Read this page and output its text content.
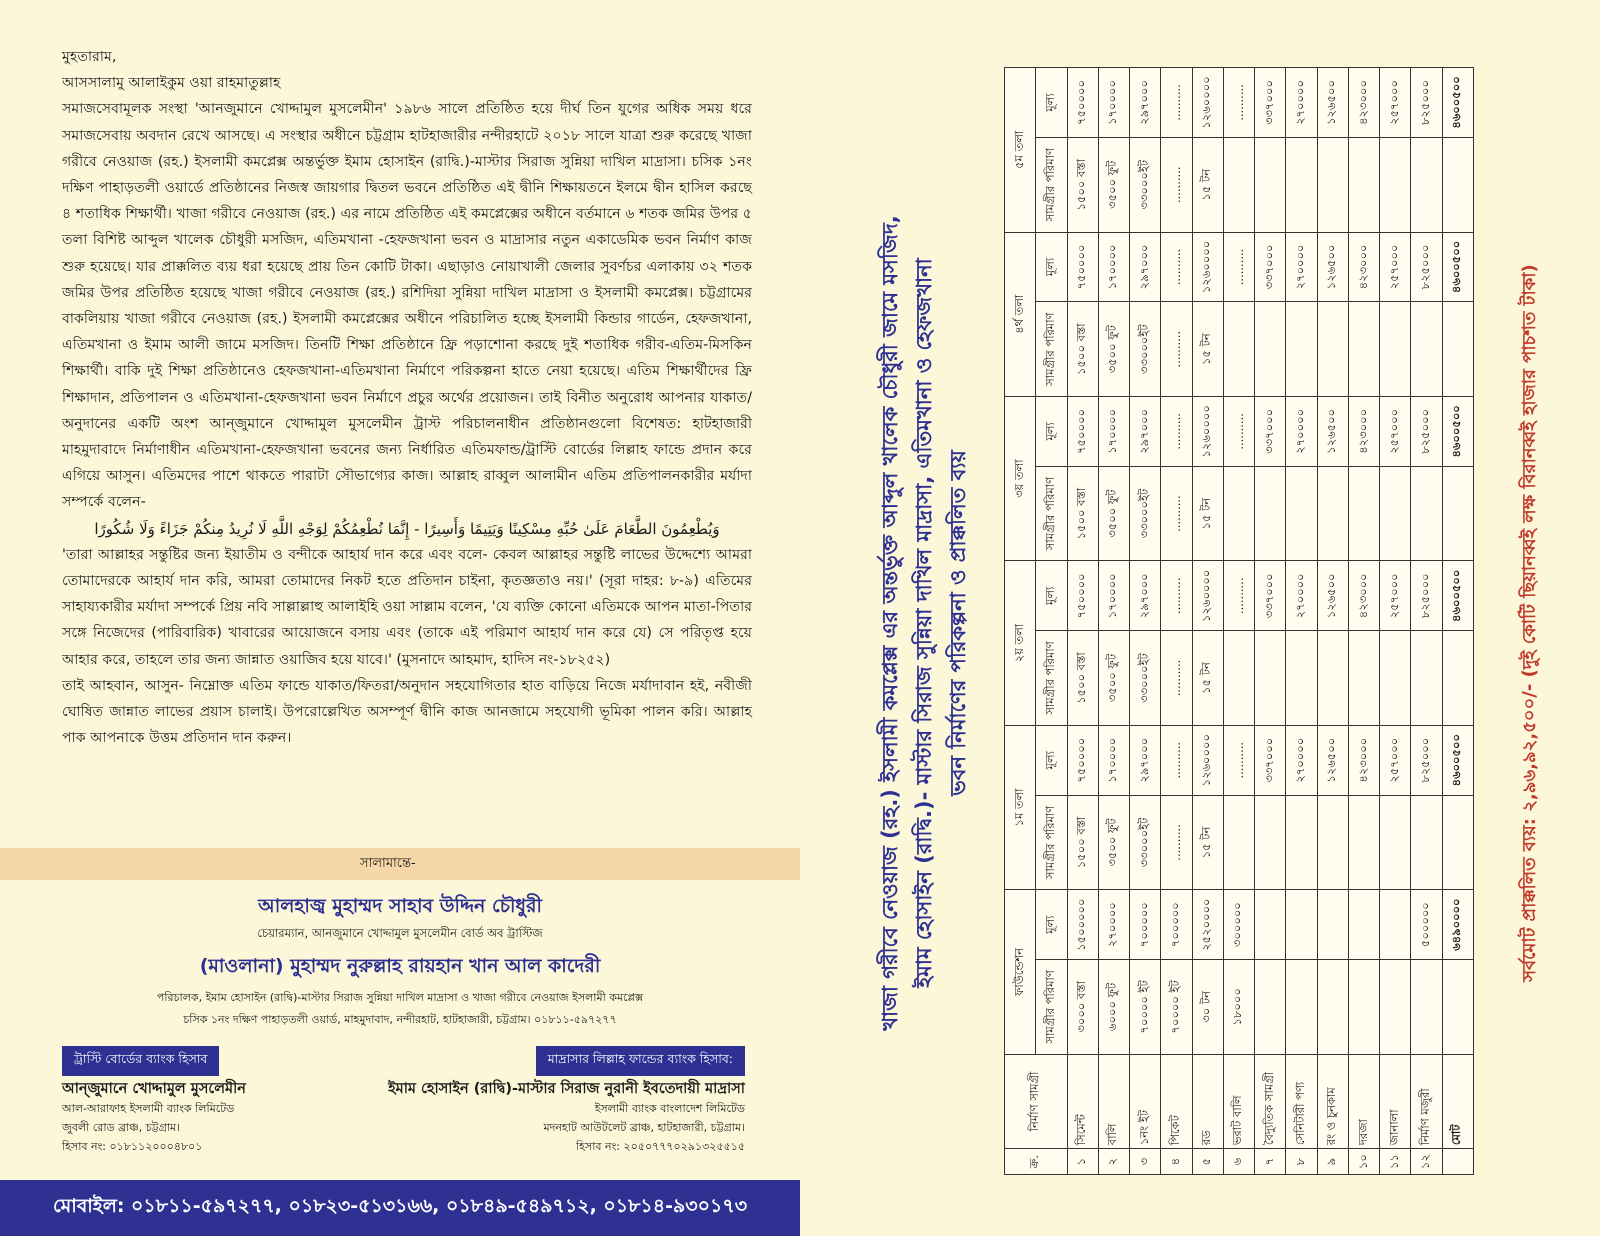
মুহতারাম,

আসসালামু আলাইকুম ওয়া রাহমাতুল্লাহ

সমাজসেবামূলক সংস্থা 'আনজুমানে খোদ্দামুল মুসলেমীন' ১৯৮৬ সালে প্রতিষ্ঠিত হয়ে দীর্ঘ তিন যুগের অধিক সময় ধরে সমাজসেবায় অবদান রেখে আসছে। এ সংস্থার অধীনে চট্টগ্রাম হাটহাজারীর নন্দীরহাটে ২০১৮ সালে যাত্রা শুরু করেছে খাজা গরীবে নেওয়াজ (রহ.) ইসলামী কমপ্লেক্স অন্তর্ভুক্ত ইমাম হোসাইন (রাদ্বি.)-মাস্টার সিরাজ সুন্নিয়া দাখিল মাদ্রাসা। চসিক ১নং দক্ষিণ পাহাড়তলী ওয়ার্ডে প্রতিষ্ঠানের নিজস্ব জায়গার দ্বিতল ভবনে প্রতিষ্ঠিত এই দ্বীনি শিক্ষায়তনে ইলমে দ্বীন হাসিল করছে ৪ শতাধিক শিক্ষার্থী। খাজা গরীবে নেওয়াজ (রহ.) এর নামে প্রতিষ্ঠিত এই কমপ্লেক্সের অধীনে বর্তমানে ৬ শতক জমির উপর ৫ তলা বিশিষ্ট আব্দুল খালেক চৌধুরী মসজিদ, এতিমখানা -হেফজখানা ভবন ও মাদ্রাসার নতুন একাডেমিক ভবন নির্মাণ কাজ শুরু হয়েছে। যার প্রাক্কলিত ব্যয় ধরা হয়েছে প্রায় তিন কোটি টাকা। এছাড়াও নোয়াখালী জেলার সুবর্ণচর এলাকায় ৩২ শতক জমির উপর প্রতিষ্ঠিত হয়েছে খাজা গরীবে নেওয়াজ (রহ.) রশিদিয়া সুন্নিয়া দাখিল মাদ্রাসা ও ইসলামী কমপ্লেক্স। চট্টগ্রামের বাকলিয়ায় খাজা গরীবে নেওয়াজ (রহ.) ইসলামী কমপ্লেক্সের অধীনে পরিচালিত হচ্ছে ইসলামী কিন্ডার গার্ডেন, হেফজখানা, এতিমখানা ও ইমাম আলী জামে মসজিদ। তিনটি শিক্ষা প্রতিষ্ঠানে ফ্রি পড়াশোনা করছে দুই শতাধিক গরীব-এতিম-মিসকিন শিক্ষার্থী। বাকি দুই শিক্ষা প্রতিষ্ঠানেও হেফজখানা-এতিমখানা নির্মাণে পরিকল্পনা হাতে নেয়া হয়েছে। এতিম শিক্ষার্থীদের ফ্রি শিক্ষাদান, প্রতিপালন ও এতিমখানা-হেফজখানা ভবন নির্মাণে প্রচুর অর্থের প্রয়োজন। তাই বিনীত অনুরোধ আপনার যাকাত/অনুদানের একটি অংশ আন্জুমানে খোদ্দামুল মুসলেমীন ট্রাস্ট পরিচালনাধীন প্রতিষ্ঠানগুলো বিশেষত: হাটহাজারী মাহমুদাবাদে নির্মাণাধীন এতিমখানা-হেফজখানা ভবনের জন্য নির্ধারিত এতিমফান্ড/ট্রাস্টি বোর্ডের লিল্লাহ ফান্ডে প্রদান করে এগিয়ে আসুন। এতিমদের পাশে থাকতে পারাটা সৌভাগ্যের কাজ। আল্লাহ রাব্বুল আলামীন এতিম প্রতিপালনকারীর মর্যাদা সম্পর্কে বলেন-

وَيُطْعِمُونَ الطَّعَامَ عَلَىٰ حُبِّهِ مِسْكِينًا وَيَتِيمًا وَأَسِيرًا - إِنَّمَا نُطْعِمُكُمْ لِوَجْهِ اللَّهِ لَا نُرِيدُ مِنكُمْ جَزَاءً وَلَا شُكُورًا

'তারা আল্লাহর সন্তুষ্টির জন্য ইয়াতীম ও বন্দীকে আহার্য দান করে এবং বলে- কেবল আল্লাহর সন্তুষ্টি লাভের উদ্দেশ্যে আমরা তোমাদেরকে আহার্য দান করি, আমরা তোমাদের নিকট হতে প্রতিদান চাইনা, কৃতজ্ঞতাও নয়।' (সূরা দাহর: ৮-৯) এতিমের সাহায্যকারীর মর্যাদা সম্পর্কে প্রিয় নবি সাল্লাল্লাহু আলাইহি ওয়া সাল্লাম বলেন, 'যে ব্যক্তি কোনো এতিমকে আপন মাতা-পিতার সঙ্গে নিজেদের (পারিবারিক) খাবারের আয়োজনে বসায় এবং (তাকে এই পরিমাণ আহার্য দান করে যে) সে পরিতৃপ্ত হয়ে আহার করে, তাহলে তার জন্য জান্নাত ওয়াজিব হয়ে যাবে।' (মুসনাদে আহমাদ, হাদিস নং-১৮২৫২)

তাই আহবান, আসুন- নিম্নোক্ত এতিম ফান্ডে যাকাত/ফিতরা/অনুদান সহযোগিতার হাত বাড়িয়ে নিজে মর্যাদাবান হই, নবীজী ঘোষিত জান্নাত লাভের প্রয়াস চালাই। উপরোল্লেখিত অসম্পূর্ণ দ্বীনি কাজ আনজামে সহযোগী ভূমিকা পালন করি। আল্লাহ পাক আপনাকে উত্তম প্রতিদান দান করুন।

সালামান্তে-
আলহাজ্ব মুহাম্মদ সাহাব উদ্দিন চৌধুরী
চেয়ারম্যান, আনজুমানে খোদ্দামুল মুসলেমীন বোর্ড অব ট্রাস্টিজ
(মাওলানা) মুহাম্মদ নুরুল্লাহ রায়হান খান আল কাদেরী
পরিচালক, ইমাম হোসাইন (রাদ্বি)-মাস্টার সিরাজ সুন্নিয়া দাখিল মাদ্রাসা ও খাজা গরীবে নেওয়াজ ইসলামী কমপ্লেক্স
চসিক ১নং দক্ষিণ পাহাড়তলী ওয়ার্ড, মাহমুদাবাদ, নন্দীরহাট, হাটহাজারী, চট্টগ্রাম। ০১৮১১-৫৯৭২৭৭
ট্রাস্টি বোর্ডের ব্যাংক হিসাব	মাদ্রাসার লিল্লাহ ফান্ডের ব্যাংক হিসাব:
আন্জুমানে খোদ্দামুল মুসলেমীন
আল-আরাফাহ ইসলামী ব্যাংক লিমিটেড
জুবলী রোড ব্রাঞ্চ, চট্টগ্রাম।
হিসাব নং: ০১৮১১২০০০৪৮০১
ইমাম হোসাইন (রাদ্বি)-মাস্টার সিরাজ নুরানী ইবতেদায়ী মাদ্রাসা
ইসলামী ব্যাংক বাংলাদেশ লিমিটেড
মদনহাট আউটলেট ব্রাঞ্চ, হাটহাজারী, চট্টগ্রাম।
হিসাব নং: ২০৫০৭৭৭০২৯১৩২৫৫১৫
মোবাইল: ০১৮১১-৫৯৭২৭৭, ০১৮২৩-৫১৩১৬৬, ০১৮৪৯-৫৪৯৭১২, ০১৮১৪-৯৩০১৭৩
খাজা গরীবে নেওয়াজ (রহ.) ইসলামী কমপ্লেক্স এর অন্তর্ভুক্ত আব্দুল খালেক চৌধুরী জামে মসজিদ, ইমাম হোসাইন (রাদ্বি.)- মাস্টার সিরাজ সুন্নিয়া দাখিল মাদ্রাসা, এতিমখানা ও হেফজখানা ভবন নির্মাণের পরিকল্পনা ও প্রাক্কলিত ব্যয়
ক্র.	নির্মাণ সামগ্রী	ফাউন্ডেশন		১ম তলা		২য় তলা		৩য় তলা		৪র্থ তলা		৫ম তলা	
		সামগ্রীর পরিমাণ	মূল্য	সামগ্রীর পরিমাণ	মূল্য	সামগ্রীর পরিমাণ	মূল্য	সামগ্রীর পরিমাণ	মূল্য	সামগ্রীর পরিমাণ	মূল্য	সামগ্রীর পরিমাণ	মূল্য
১	সিমেন্ট	৩০০০ বস্তা	১৫০০০০০	১৫০০ বস্তা	৭৫০০০০	১৫০০ বস্তা	৭৫০০০০	১৫০০ বস্তা	৭৫০০০০	১৫০০ বস্তা	৭৫০০০০	১৫০০ বস্তা	৭৫০০০০
২	বালি	৬০০০ ফুট	২৭০০০০	৩৫০০ ফুট	১৭০০০০	৩৫০০ ফুট	১৭০০০০	৩৫০০ ফুট	১৭০০০০	৩৫০০ ফুট	১৭০০০০	৩৫০০ ফুট	১৭০০০০
৩	১নং ইট	৭০০০০ ইট	৭০০০০০	৩৩০০০ইট	২৯৭০০০	৩৩০০০ইট	২৯৭০০০	৩৩০০০ইট	২৯৭০০০	৩৩০০০ইট	২৯৭০০০	৩৩০০০ইট	২৯৭০০০
৪	পিকেট	৭০০০০ ইট	৭০০০০০	..........	..........	..........	..........	..........	..........	..........	..........	..........	..........
৫	রড	৩০ টন	২৫২০০০০	১৫ টন	১২৬০০০০	১৫ টন	১২৬০০০০	১৫ টন	১২৬০০০০	১৫ টন	১২৬০০০০	১৫ টন	১২৬০০০০
৬	ভরাট বালি	১৮০০০	৩০০০০০		..........		..........		..........		..........		..........
৭	বৈদ্যুতিক সামগ্রী				৩৩৭০০০		৩৩৭০০০		৩৩৭০০০		৩৩৭০০০		৩৩৭০০০
৮	সেনিটারী পণ্য				২৭০০০০		২৭০০০০		২৭০০০০		২৭০০০০		২৭০০০০
৯	রং ও চুনকাম				১২৬৫০০		১২৬৫০০		১২৬৫০০		১২৬৫০০		১২৬৫০০
১০	দরজা				৪২৩০০০		৪২৩০০০		৪২৩০০০		৪২৩০০০		৪২৩০০০
১১	জানালা				২৫৭০০০		২৫৭০০০		২৫৭০০০		২৫৭০০০		২৫৭০০০
১২	নির্মাণ মজুরী		৫০০০০০		৮২৫০০০		৮২৫০০০		৮২৫০০০		৮২৫০০০		৮২৫০০০
	মোট		৬৪৯০০০০		৪৬০০৫০০		৪৬০০৫০০		৪৬০০৫০০		৪৬০০৫০০		৪৬০০৫০০
সর্বমোট প্রাক্কলিত ব্যয়: ২,৯৬,৯২,৫০০/- (দুই কোটি ছিয়ানব্বই লক্ষ বিরানব্বই হাজার পাচশত টাকা)
